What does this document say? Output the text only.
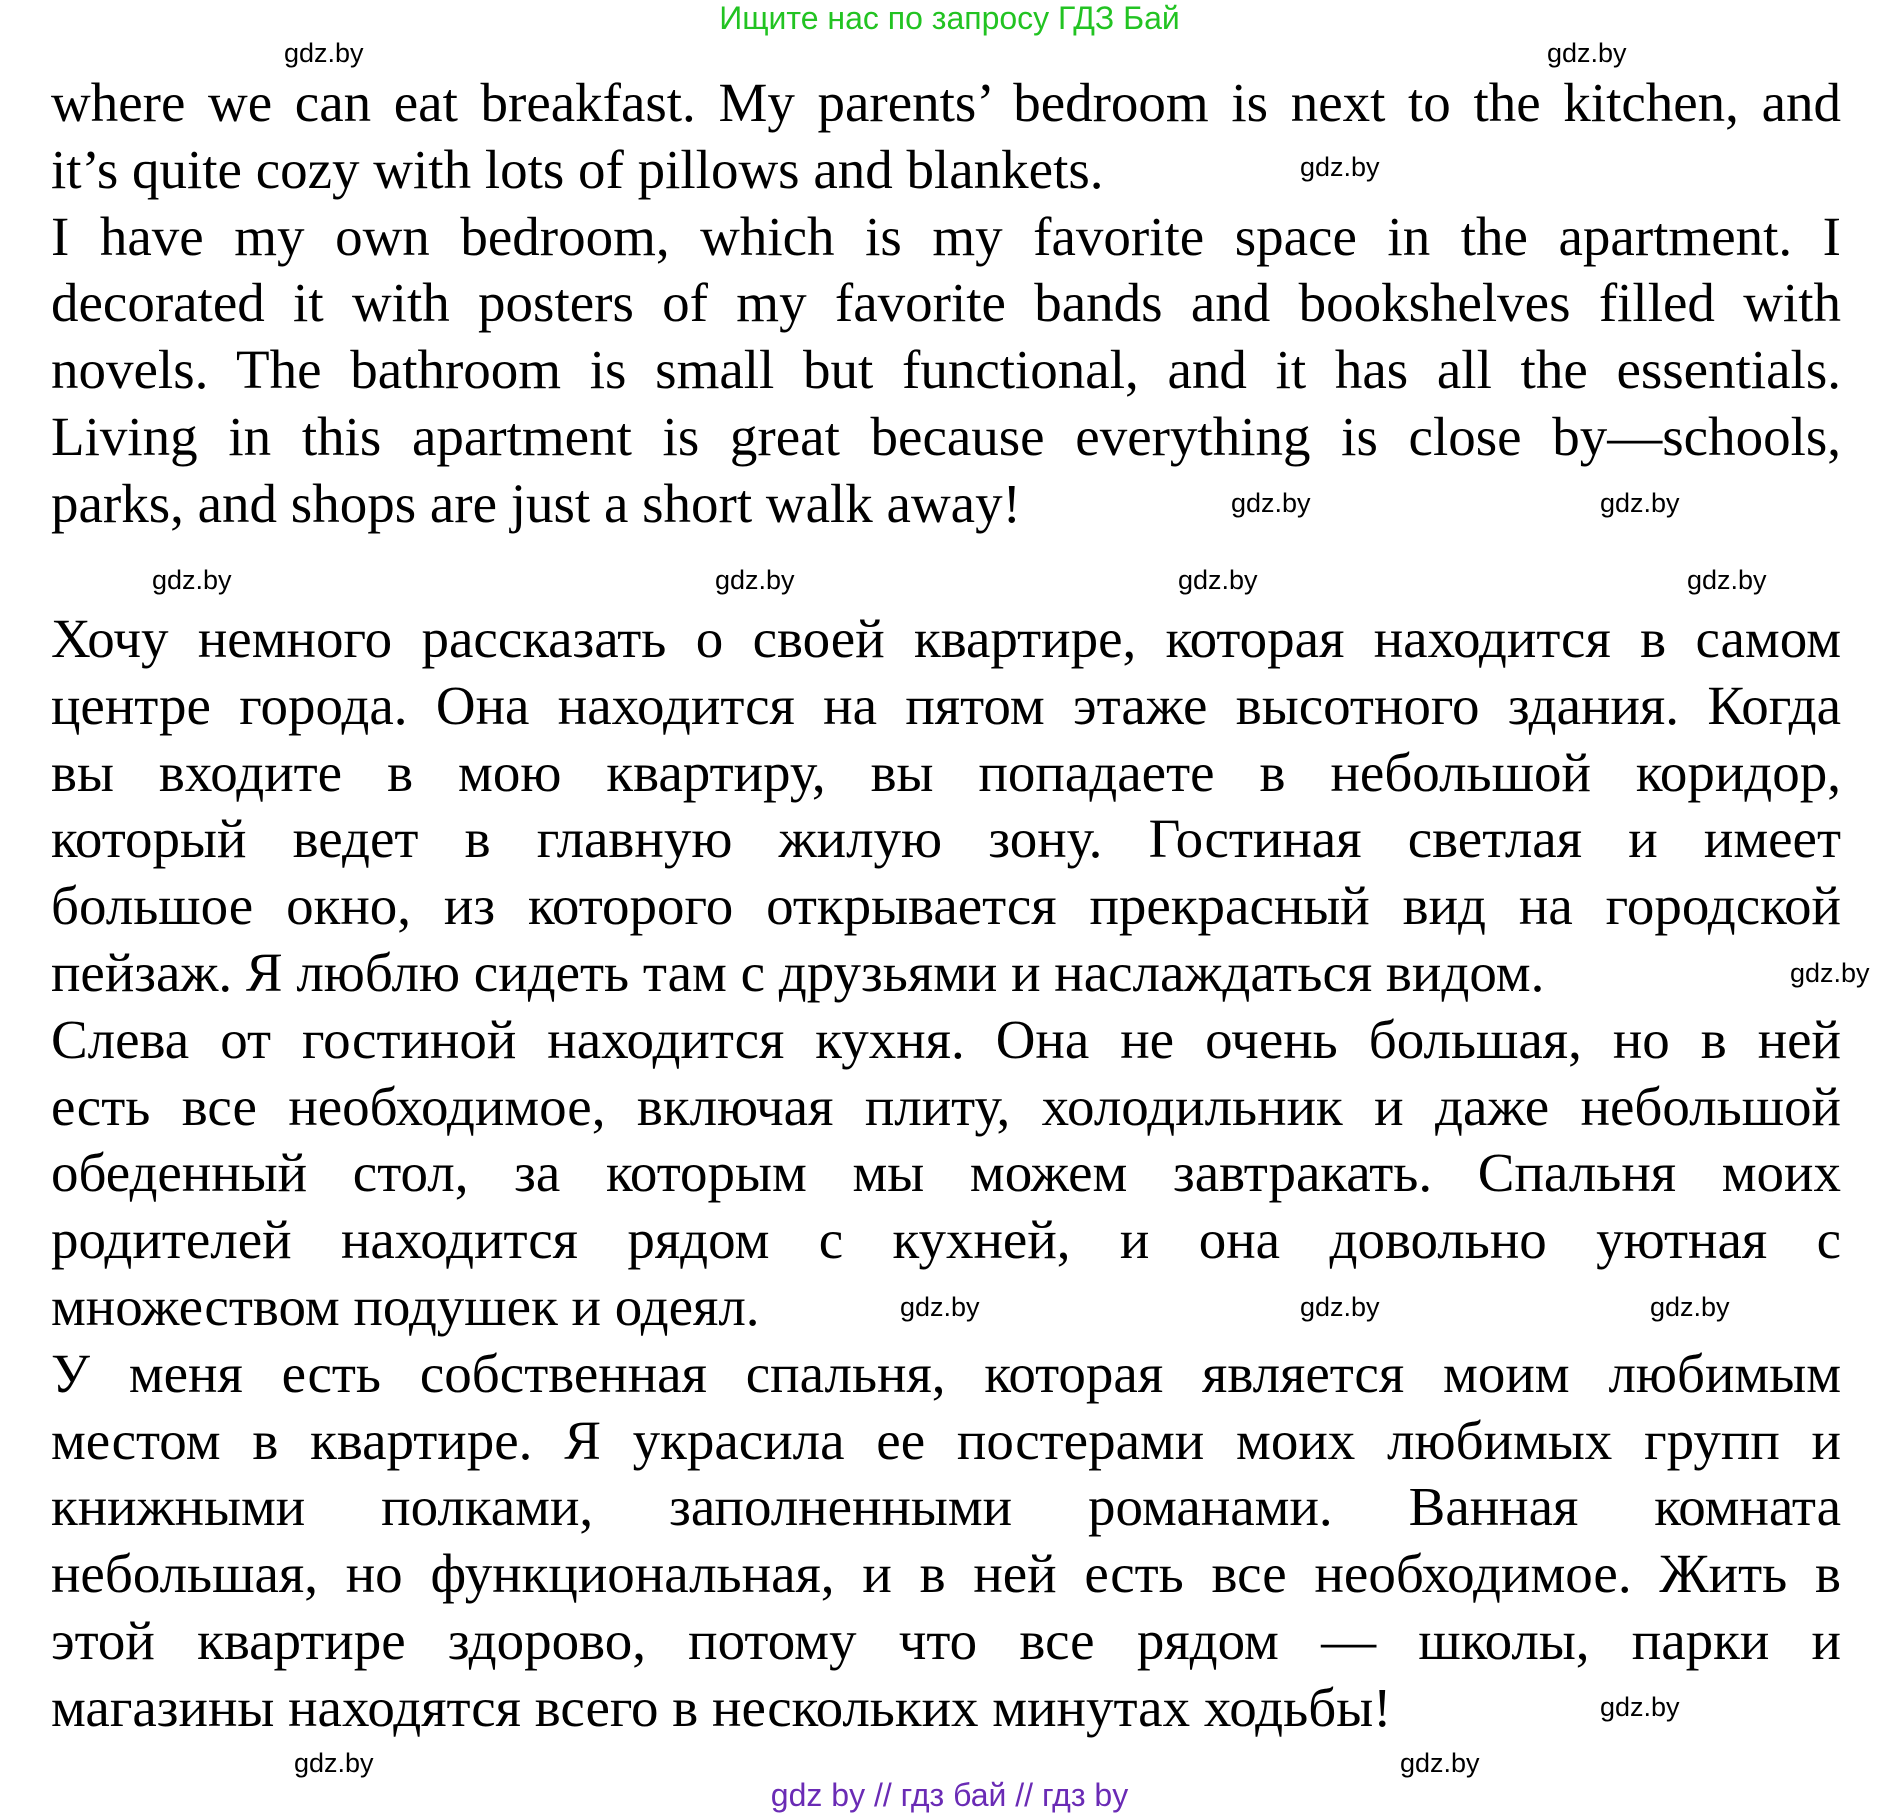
Ищите нас по запросу ГДЗ Бай
where we can eat breakfast. My parents’ bedroom is next to the kitchen, and
it’s quite cozy with lots of pillows and blankets.
I have my own bedroom, which is my favorite space in the apartment. I
decorated it with posters of my favorite bands and bookshelves filled with
novels. The bathroom is small but functional, and it has all the essentials.
Living in this apartment is great because everything is close by—schools,
parks, and shops are just a short walk away!
Хочу немного рассказать о своей квартире, которая находится в самом
центре города. Она находится на пятом этаже высотного здания. Когда
вы входите в мою квартиру, вы попадаете в небольшой коридор,
который ведет в главную жилую зону. Гостиная светлая и имеет
большое окно, из которого открывается прекрасный вид на городской
пейзаж. Я люблю сидеть там с друзьями и наслаждаться видом.
Слева от гостиной находится кухня. Она не очень большая, но в ней
есть все необходимое, включая плиту, холодильник и даже небольшой
обеденный стол, за которым мы можем завтракать. Спальня моих
родителей находится рядом с кухней, и она довольно уютная с
множеством подушек и одеял.
У меня есть собственная спальня, которая является моим любимым
местом в квартире. Я украсила ее постерами моих любимых групп и
книжными полками, заполненными романами. Ванная комната
небольшая, но функциональная, и в ней есть все необходимое. Жить в
этой квартире здорово, потому что все рядом — школы, парки и
магазины находятся всего в нескольких минутах ходьбы!
gdz.by	gdz.by
gdz.by
gdz.by	gdz.by
gdz.by	gdz.by	gdz.by	gdz.by
gdz.by
gdz.by	gdz.by	gdz.by
gdz.by
gdz.by	gdz.by
gdz by // гдз бай // гдз by
